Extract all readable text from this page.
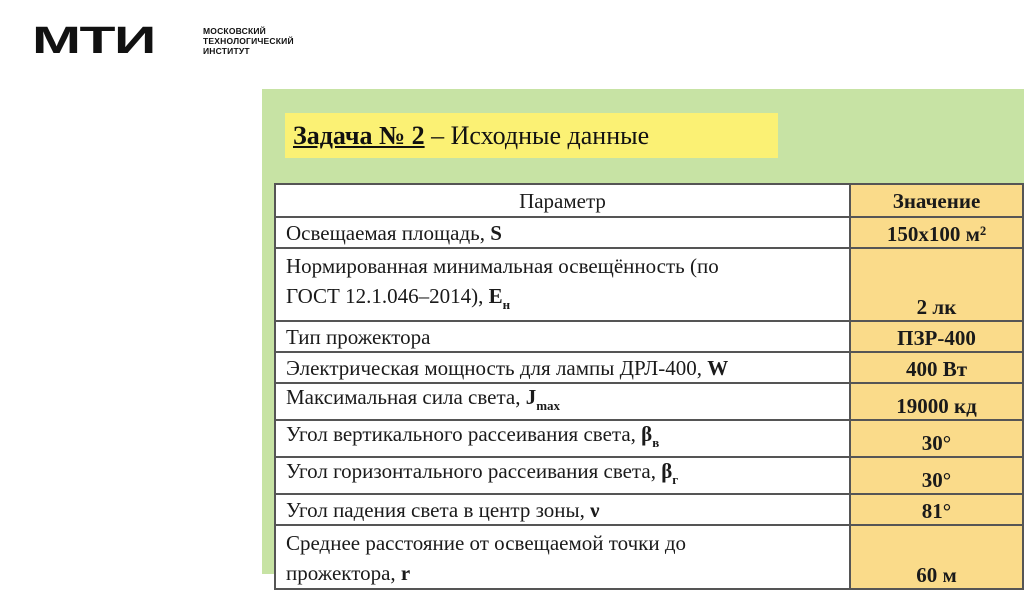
МТИ	МОСКОВСКИЙ
ТЕХНОЛОГИЧЕСКИЙ
ИНСТИТУТ
Задача № 2 – Исходные данные
Параметр	Значение
Освещаемая площадь, S	150х100 м²

Нормированная минимальная освещённость (по
ГОСТ 12.1.046–2014), $E_н$	2 лк
Тип прожектора	ПЗР-400
Электрическая мощность для лампы ДРЛ-400, W	400 Вт
Максимальная сила света, $J_{max}$	19000 кд
Угол вертикального рассеивания света, $\beta_в$	30°
Угол горизонтального рассеивания света, $\beta_г$	30°
Угол падения света в центр зоны, ν	81°

Среднее расстояние от освещаемой точки до
прожектора, r	60 м
